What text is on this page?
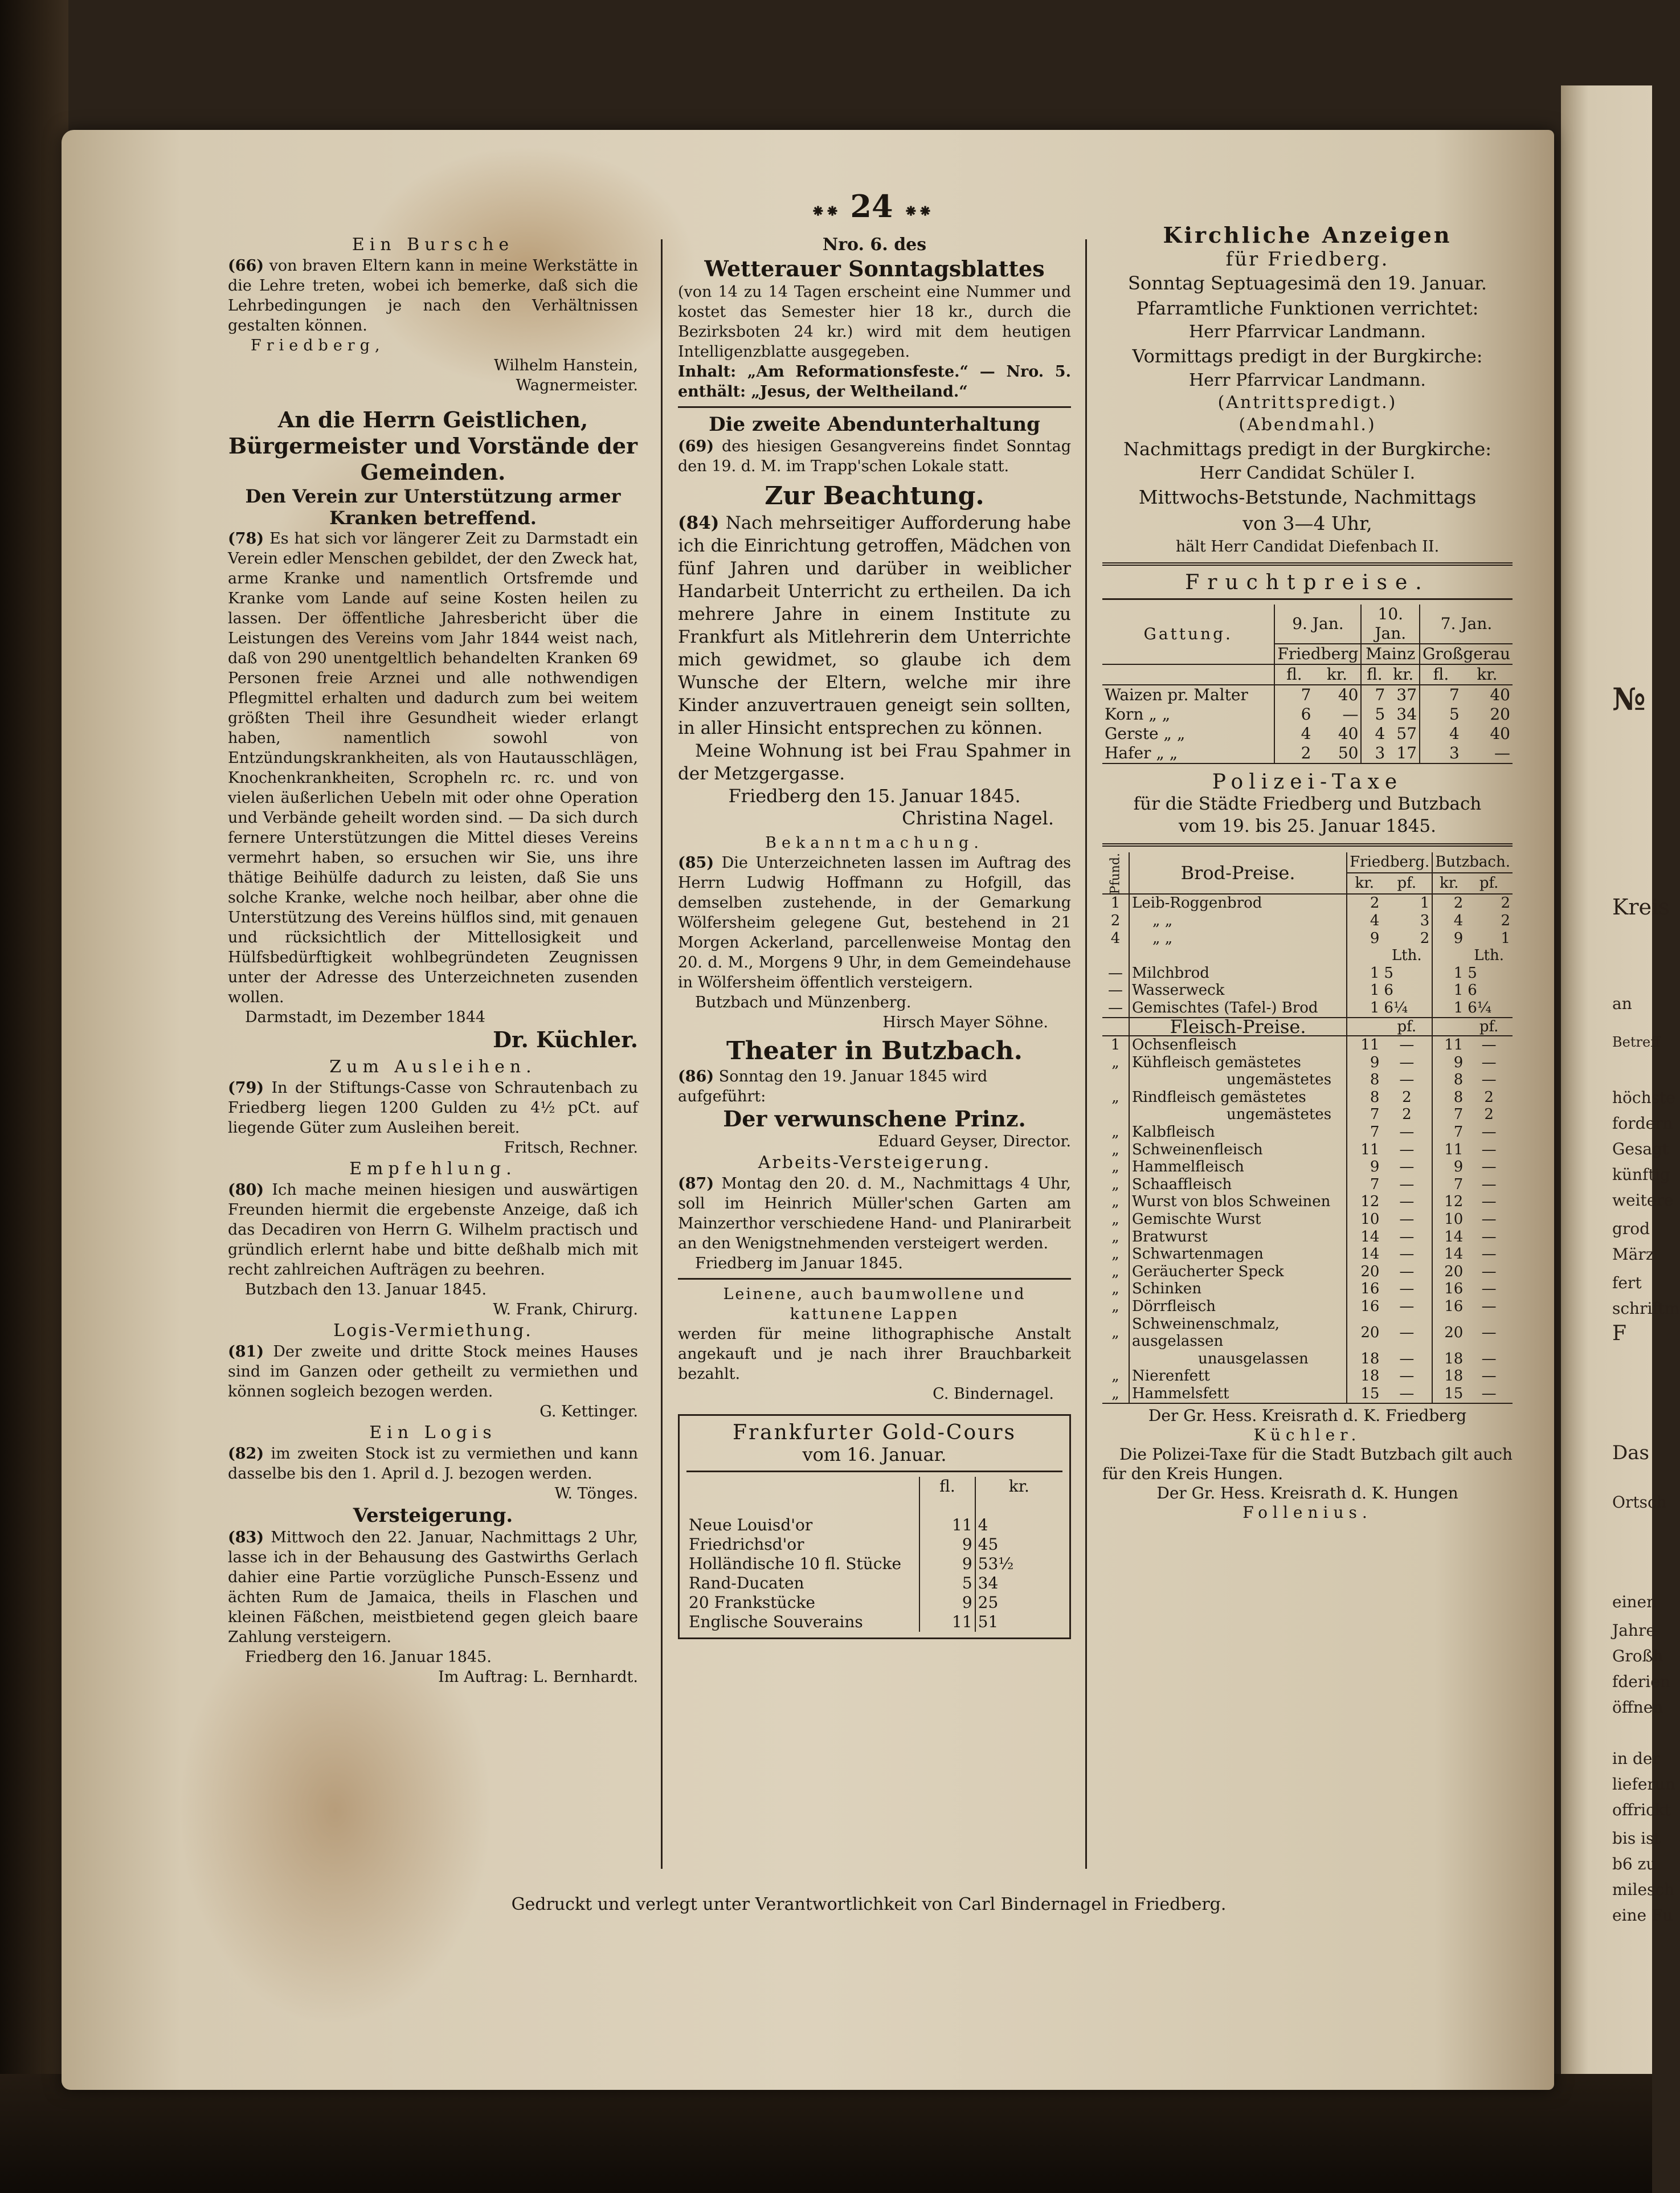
№
Kreis
an
Betreff
höchste
fordern
Gesagt
künftig
weitere
grod
März
fert
schriftm
F
Das
Ortsch
einen
Jahre
Großh
fderien
öffnen
in der
lieferun
offrickt
bis ist
b6 zu
milesch
eine Fu
⁕⁕ 24 ⁕⁕

Ein Bursche

(66) von braven Eltern kann in meine Werkstätte in die Lehre treten, wobei ich bemerke, daß sich die Lehrbedingungen je nach den Verhältnissen gestalten können.

Friedberg,

Wilhelm Hanstein,

Wagnermeister.

An die Herrn Geistlichen, Bürgermeister und Vorstände der

Gemeinden.

Den Verein zur Unterstützung armer Kranken betreffend.

(78) Es hat sich vor längerer Zeit zu Darmstadt ein Verein edler Menschen gebildet, der den Zweck hat, arme Kranke und namentlich Ortsfremde und Kranke vom Lande auf seine Kosten heilen zu lassen. Der öffentliche Jahresbericht über die Leistungen des Vereins vom Jahr 1844 weist nach, daß von 290 unentgeltlich behandelten Kranken 69 Personen freie Arznei und alle nothwendigen Pflegmittel erhalten und dadurch zum bei weitem größten Theil ihre Gesundheit wieder erlangt haben, namentlich sowohl von Entzündungskrankheiten, als von Hautausschlägen, Knochenkrankheiten, Scropheln rc. rc. und von vielen äußerlichen Uebeln mit oder ohne Operation und Verbände geheilt worden sind. — Da sich durch fernere Unterstützungen die Mittel dieses Vereins vermehrt haben, so ersuchen wir Sie, uns ihre thätige Beihülfe dadurch zu leisten, daß Sie uns solche Kranke, welche noch heilbar, aber ohne die Unterstützung des Vereins hülflos sind, mit genauen und rücksichtlich der Mittellosigkeit und Hülfsbedürftigkeit wohlbegründeten Zeugnissen unter der Adresse des Unterzeichneten zusenden wollen.

Darmstadt, im Dezember 1844

Dr. Küchler.

Zum Ausleihen.

(79) In der Stiftungs-Casse von Schrautenbach zu Friedberg liegen 1200 Gulden zu 4½ pCt. auf liegende Güter zum Ausleihen bereit.

Fritsch, Rechner.

Empfehlung.

(80) Ich mache meinen hiesigen und auswärtigen Freunden hiermit die ergebenste Anzeige, daß ich das Decadiren von Herrn G. Wilhelm practisch und gründlich erlernt habe und bitte deßhalb mich mit recht zahlreichen Aufträgen zu beehren.

Butzbach den 13. Januar 1845.

W. Frank, Chirurg.

Logis-Vermiethung.

(81) Der zweite und dritte Stock meines Hauses sind im Ganzen oder getheilt zu vermiethen und können sogleich bezogen werden.

G. Kettinger.

Ein Logis

(82) im zweiten Stock ist zu vermiethen und kann dasselbe bis den 1. April d. J. bezogen werden.

W. Tönges.

Versteigerung.

(83) Mittwoch den 22. Januar, Nachmittags 2 Uhr, lasse ich in der Behausung des Gastwirths Gerlach dahier eine Partie vorzügliche Punsch-Essenz und ächten Rum de Jamaica, theils in Flaschen und kleinen Fäßchen, meistbietend gegen gleich baare Zahlung versteigern.

Friedberg den 16. Januar 1845.

Im Auftrag: L. Bernhardt.

Nro. 6. des

Wetterauer Sonntagsblattes

(von 14 zu 14 Tagen erscheint eine Nummer und kostet das Semester hier 18 kr., durch die Bezirksboten 24 kr.) wird mit dem heutigen Intelligenzblatte ausgegeben.

Inhalt: „Am Reformationsfeste.“ — Nro. 5. enthält: „Jesus, der Weltheiland.“

Die zweite Abendunterhaltung

(69) des hiesigen Gesangvereins findet Sonntag den 19. d. M. im Trapp'schen Lokale statt.

Zur Beachtung.

(84) Nach mehrseitiger Aufforderung habe ich die Einrichtung getroffen, Mädchen von fünf Jahren und darüber in weiblicher Handarbeit Unterricht zu ertheilen. Da ich mehrere Jahre in einem Institute zu Frankfurt als Mitlehrerin dem Unterrichte mich gewidmet, so glaube ich dem Wunsche der Eltern, welche mir ihre Kinder anzuvertrauen geneigt sein sollten, in aller Hinsicht entsprechen zu können.

Meine Wohnung ist bei Frau Spahmer in der Metzgergasse.

Friedberg den 15. Januar 1845.

Christina Nagel.

Bekanntmachung.

(85) Die Unterzeichneten lassen im Auftrag des Herrn Ludwig Hoffmann zu Hofgill, das demselben zustehende, in der Gemarkung Wölfersheim gelegene Gut, bestehend in 21 Morgen Ackerland, parcellenweise Montag den 20. d. M., Morgens 9 Uhr, in dem Gemeindehause in Wölfersheim öffentlich versteigern.

Butzbach und Münzenberg.

Hirsch Mayer Söhne.

Theater in Butzbach.

(86) Sonntag den 19. Januar 1845 wird aufgeführt:

Der verwunschene Prinz.

Eduard Geyser, Director.

Arbeits-Versteigerung.

(87) Montag den 20. d. M., Nachmittags 4 Uhr, soll im Heinrich Müller'schen Garten am Mainzerthor verschiedene Hand- und Planirarbeit an den Wenigstnehmenden versteigert werden.

Friedberg im Januar 1845.

Leinene, auch baumwollene und kattunene Lappen

werden für meine lithographische Anstalt angekauft und je nach ihrer Brauchbarkeit bezahlt.

C. Bindernagel.

Frankfurter Gold-Cours

vom 16. Januar.

	fl.	kr.

Neue Louisd'or	11	4
Friedrichsd'or	9	45
Holländische 10 fl. Stücke	9	53½
Rand-Ducaten	5	34
20 Frankstücke	9	25
Englische Souverains	11	51

Kirchliche Anzeigen

für Friedberg.

Sonntag Septuagesimä den 19. Januar.

Pfarramtliche Funktionen verrichtet:

Herr Pfarrvicar Landmann.

Vormittags predigt in der Burgkirche:

Herr Pfarrvicar Landmann.

(Antrittspredigt.)

(Abendmahl.)

Nachmittags predigt in der Burgkirche:

Herr Candidat Schüler I.

Mittwochs-Betstunde, Nachmittags

von 3—4 Uhr,

hält Herr Candidat Diefenbach II.

Fruchtpreise.

Gattung.	9. Jan.		10. Jan.		7. Jan.	
	Friedberg		Mainz		Großgerau	
	fl.	kr.	fl.	kr.	fl.	kr.
Waizen pr. Malter	7	40	7	37	7	40
Korn „ „	6	—	5	34	5	20
Gerste „ „	4	40	4	57	4	40
Hafer „ „	2	50	3	17	3	—

Polizei-Taxe

für die Städte Friedberg und Butzbach

vom 19. bis 25. Januar 1845.

Pfund.	Brod-Preise.	Friedberg.		Butzbach.	
		kr.	pf.	kr.	pf.
1	Leib-Roggenbrod	2	1	2	2
2	„ „	4	3	4	2
4	„ „	9	2	9	1
			Lth.		Lth.
—	Milchbrod	1	5	1	5
—	Wasserweck	1	6	1	6
—	Gemischtes (Tafel-) Brod	1	6¼	1	6¼
	Fleisch-Preise.		pf.		pf.
1	Ochsenfleisch	11	—	11	—
„	Kühfleisch gemästetes	9	—	9	—
	ungemästetes	8	—	8	—
„	Rindfleisch gemästetes	8	2	8	2
	ungemästetes	7	2	7	2
„	Kalbfleisch	7	—	7	—
„	Schweinenfleisch	11	—	11	—
„	Hammelfleisch	9	—	9	—
„	Schaaffleisch	7	—	7	—
„	Wurst von blos Schweinen	12	—	12	—
„	Gemischte Wurst	10	—	10	—
„	Bratwurst	14	—	14	—
„	Schwartenmagen	14	—	14	—
„	Geräucherter Speck	20	—	20	—
„	Schinken	16	—	16	—
„	Dörrfleisch	16	—	16	—
„	Schweinenschmalz, ausgelassen	20	—	20	—
	unausgelassen	18	—	18	—
„	Nierenfett	18	—	18	—
„	Hammelsfett	15	—	15	—

Der Gr. Hess. Kreisrath d. K. Friedberg

Küchler.

Die Polizei-Taxe für die Stadt Butzbach gilt auch für den Kreis Hungen.

Der Gr. Hess. Kreisrath d. K. Hungen

Follenius.

Gedruckt und verlegt unter Verantwortlichkeit von Carl Bindernagel in Friedberg.
